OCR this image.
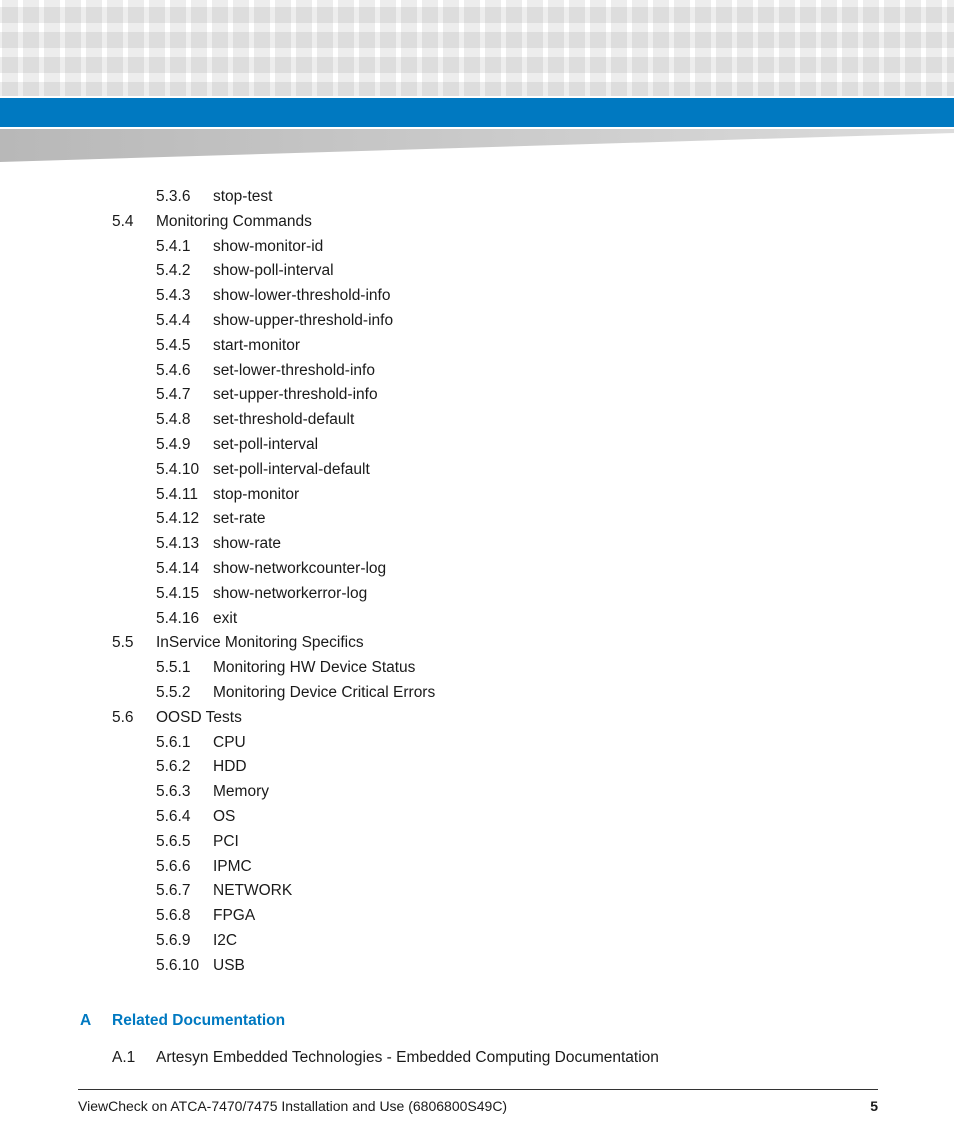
5.3.6 stop-test
5.4 Monitoring Commands
5.4.1 show-monitor-id
5.4.2 show-poll-interval
5.4.3 show-lower-threshold-info
5.4.4 show-upper-threshold-info
5.4.5 start-monitor
5.4.6 set-lower-threshold-info
5.4.7 set-upper-threshold-info
5.4.8 set-threshold-default
5.4.9 set-poll-interval
5.4.10 set-poll-interval-default
5.4.11 stop-monitor
5.4.12 set-rate
5.4.13 show-rate
5.4.14 show-networkcounter-log
5.4.15 show-networkerror-log
5.4.16 exit
5.5 InService Monitoring Specifics
5.5.1 Monitoring HW Device Status
5.5.2 Monitoring Device Critical Errors
5.6 OOSD Tests
5.6.1 CPU
5.6.2 HDD
5.6.3 Memory
5.6.4 OS
5.6.5 PCI
5.6.6 IPMC
5.6.7 NETWORK
5.6.8 FPGA
5.6.9 I2C
5.6.10 USB
A Related Documentation
A.1 Artesyn Embedded Technologies - Embedded Computing Documentation
ViewCheck on ATCA-7470/7475 Installation and Use (6806800S49C)	5
